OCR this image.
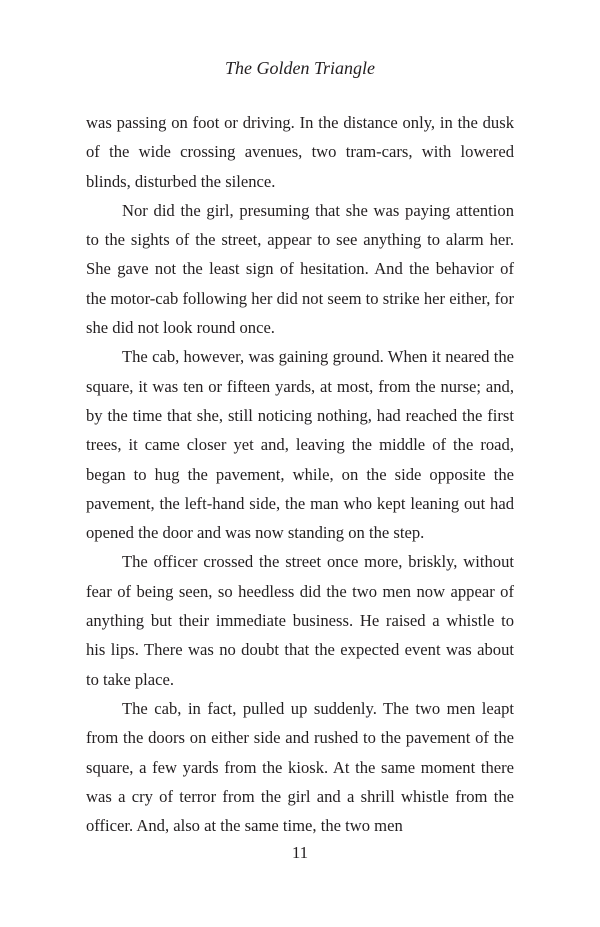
The Golden Triangle

was passing on foot or driving. In the distance only, in the dusk of the wide crossing avenues, two tram-cars, with lowered blinds, disturbed the silence.

Nor did the girl, presuming that she was paying attention to the sights of the street, appear to see anything to alarm her. She gave not the least sign of hesitation. And the behavior of the motor-cab following her did not seem to strike her either, for she did not look round once.

The cab, however, was gaining ground. When it neared the square, it was ten or fifteen yards, at most, from the nurse; and, by the time that she, still noticing nothing, had reached the first trees, it came closer yet and, leaving the middle of the road, began to hug the pavement, while, on the side opposite the pavement, the left-hand side, the man who kept leaning out had opened the door and was now standing on the step.

The officer crossed the street once more, briskly, without fear of being seen, so heedless did the two men now appear of anything but their immediate business. He raised a whistle to his lips. There was no doubt that the expected event was about to take place.

The cab, in fact, pulled up suddenly. The two men leapt from the doors on either side and rushed to the pavement of the square, a few yards from the kiosk. At the same moment there was a cry of terror from the girl and a shrill whistle from the officer. And, also at the same time, the two men

11
